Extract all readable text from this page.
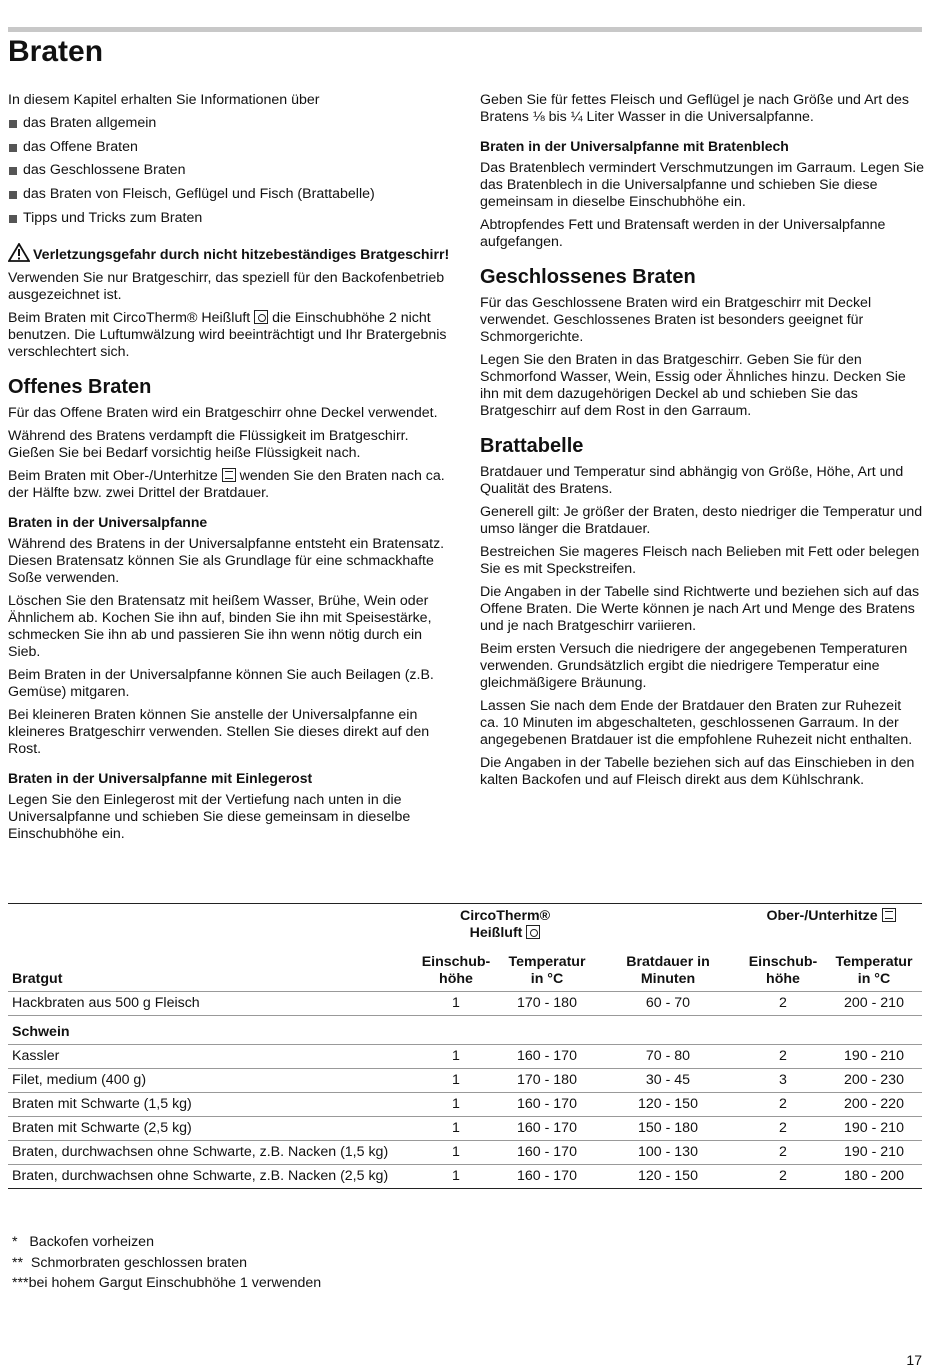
Braten

In diesem Kapitel erhalten Sie Informationen über

das Braten allgemein
das Offene Braten
das Geschlossene Braten
das Braten von Fleisch, Geflügel und Fisch (Brattabelle)
Tipps und Tricks zum Braten

Verletzungsgefahr durch nicht hitzebeständiges Bratgeschirr!

Verwenden Sie nur Bratgeschirr, das speziell für den Backofenbetrieb ausgezeichnet ist.

Beim Braten mit CircoTherm® Heißluft die Einschubhöhe 2 nicht benutzen. Die Luftumwälzung wird beeinträchtigt und Ihr Bratergebnis verschlechtert sich.

Offenes Braten

Für das Offene Braten wird ein Bratgeschirr ohne Deckel verwendet.

Während des Bratens verdampft die Flüssigkeit im Bratgeschirr. Gießen Sie bei Bedarf vorsichtig heiße Flüssigkeit nach.

Beim Braten mit Ober-/Unterhitze wenden Sie den Braten nach ca. der Hälfte bzw. zwei Drittel der Bratdauer.

Braten in der Universalpfanne

Während des Bratens in der Universalpfanne entsteht ein Bratensatz. Diesen Bratensatz können Sie als Grundlage für eine schmackhafte Soße verwenden.

Löschen Sie den Bratensatz mit heißem Wasser, Brühe, Wein oder Ähnlichem ab. Kochen Sie ihn auf, binden Sie ihn mit Speisestärke, schmecken Sie ihn ab und passieren Sie ihn wenn nötig durch ein Sieb.

Beim Braten in der Universalpfanne können Sie auch Beilagen (z.B. Gemüse) mitgaren.

Bei kleineren Braten können Sie anstelle der Universalpfanne ein kleineres Bratgeschirr verwenden. Stellen Sie dieses direkt auf den Rost.

Braten in der Universalpfanne mit Einlegerost

Legen Sie den Einlegerost mit der Vertiefung nach unten in die Universalpfanne und schieben Sie diese gemeinsam in dieselbe Einschubhöhe ein.

Geben Sie für fettes Fleisch und Geflügel je nach Größe und Art des Bratens ⅛ bis ¼ Liter Wasser in die Universalpfanne.

Braten in der Universalpfanne mit Bratenblech

Das Bratenblech vermindert Verschmutzungen im Garraum. Legen Sie das Bratenblech in die Universalpfanne und schieben Sie diese gemeinsam in dieselbe Einschubhöhe ein.

Abtropfendes Fett und Bratensaft werden in der Universalpfanne aufgefangen.

Geschlossenes Braten

Für das Geschlossene Braten wird ein Bratgeschirr mit Deckel verwendet. Geschlossenes Braten ist besonders geeignet für Schmorgerichte.

Legen Sie den Braten in das Bratgeschirr. Geben Sie für den Schmorfond Wasser, Wein, Essig oder Ähnliches hinzu. Decken Sie ihn mit dem dazugehörigen Deckel ab und schieben Sie das Bratgeschirr auf dem Rost in den Garraum.

Brattabelle

Bratdauer und Temperatur sind abhängig von Größe, Höhe, Art und Qualität des Bratens.

Generell gilt: Je größer der Braten, desto niedriger die Temperatur und umso länger die Bratdauer.

Bestreichen Sie mageres Fleisch nach Belieben mit Fett oder belegen Sie es mit Speckstreifen.

Die Angaben in der Tabelle sind Richtwerte und beziehen sich auf das Offene Braten. Die Werte können je nach Art und Menge des Bratens und je nach Bratgeschirr variieren.

Beim ersten Versuch die niedrigere der angegebenen Temperaturen verwenden. Grundsätzlich ergibt die niedrigere Temperatur eine gleichmäßigere Bräunung.

Lassen Sie nach dem Ende der Bratdauer den Braten zur Ruhezeit ca. 10 Minuten im abgeschalteten, geschlossenen Garraum. In der angegebenen Bratdauer ist die empfohlene Ruhezeit nicht enthalten.

Die Angaben in der Tabelle beziehen sich auf das Einschieben in den kalten Backofen und auf Fleisch direkt aus dem Kühlschrank.

	CircoTherm®
Heißluft			Ober-/Unterhitze	
Bratgut	Einschub-höhe	Temperatur in °C	Bratdauer in Minuten	Einschub-höhe	Temperatur in °C
Hackbraten aus 500 g Fleisch	1	170 - 180	60 - 70	2	200 - 210
Schwein					
Kassler	1	160 - 170	70 - 80	2	190 - 210
Filet, medium (400 g)	1	170 - 180	30 - 45	3	200 - 230
Braten mit Schwarte (1,5 kg)	1	160 - 170	120 - 150	2	200 - 220
Braten mit Schwarte (2,5 kg)	1	160 - 170	150 - 180	2	190 - 210
Braten, durchwachsen ohne Schwarte, z.B. Nacken (1,5 kg)	1	160 - 170	100 - 130	2	190 - 210
Braten, durchwachsen ohne Schwarte, z.B. Nacken (2,5 kg)	1	160 - 170	120 - 150	2	180 - 200
*   Backofen vorheizen
**  Schmorbraten geschlossen braten
***bei hohem Gargut Einschubhöhe 1 verwenden
17
